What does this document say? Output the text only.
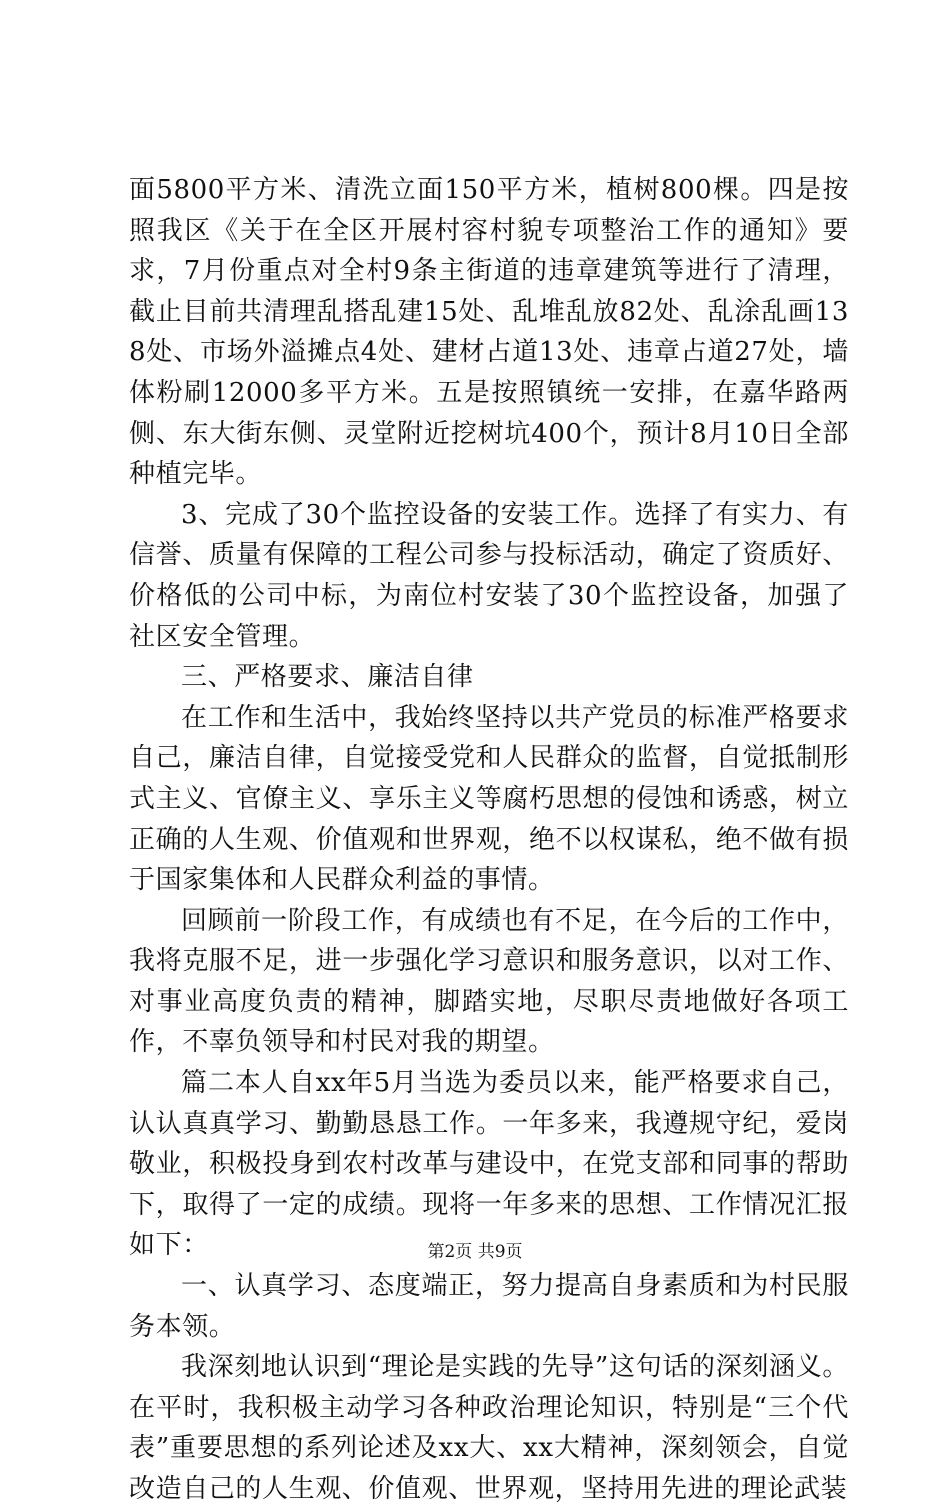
面5800平方米、清洗立面150平方米，植树800棵。四是按照我区《关于在全区开展村容村貌专项整治工作的通知》要求，7月份重点对全村9条主街道的违章建筑等进行了清理，截止目前共清理乱搭乱建15处、乱堆乱放82处、乱涂乱画138处、市场外溢摊点4处、建材占道13处、违章占道27处，墙体粉刷12000多平方米。五是按照镇统一安排，在嘉华路两侧、东大街东侧、灵堂附近挖树坑400个，预计8月10日全部种植完毕。

3、完成了30个监控设备的安装工作。选择了有实力、有信誉、质量有保障的工程公司参与投标活动，确定了资质好、价格低的公司中标，为南位村安装了30个监控设备，加强了社区安全管理。

三、严格要求、廉洁自律

在工作和生活中，我始终坚持以共产党员的标准严格要求自己，廉洁自律，自觉接受党和人民群众的监督，自觉抵制形式主义、官僚主义、享乐主义等腐朽思想的侵蚀和诱惑，树立正确的人生观、价值观和世界观，绝不以权谋私，绝不做有损于国家集体和人民群众利益的事情。

回顾前一阶段工作，有成绩也有不足，在今后的工作中，我将克服不足，进一步强化学习意识和服务意识，以对工作、对事业高度负责的精神，脚踏实地，尽职尽责地做好各项工作，不辜负领导和村民对我的期望。

篇二本人自xx年5月当选为委员以来，能严格要求自己，认认真真学习、勤勤恳恳工作。一年多来，我遵规守纪，爱岗敬业，积极投身到农村改革与建设中，在党支部和同事的帮助下，取得了一定的成绩。现将一年多来的思想、工作情况汇报如下：

一、认真学习、态度端正，努力提高自身素质和为村民服务本领。

我深刻地认识到“理论是实践的先导”这句话的深刻涵义。在平时，我积极主动学习各种政治理论知识，特别是“三个代表”重要思想的系列论述及xx大、xx大精神，深刻领会，自觉改造自己的人生观、价值观、世界观，坚持用先进的理论武装

第2页 共9页
